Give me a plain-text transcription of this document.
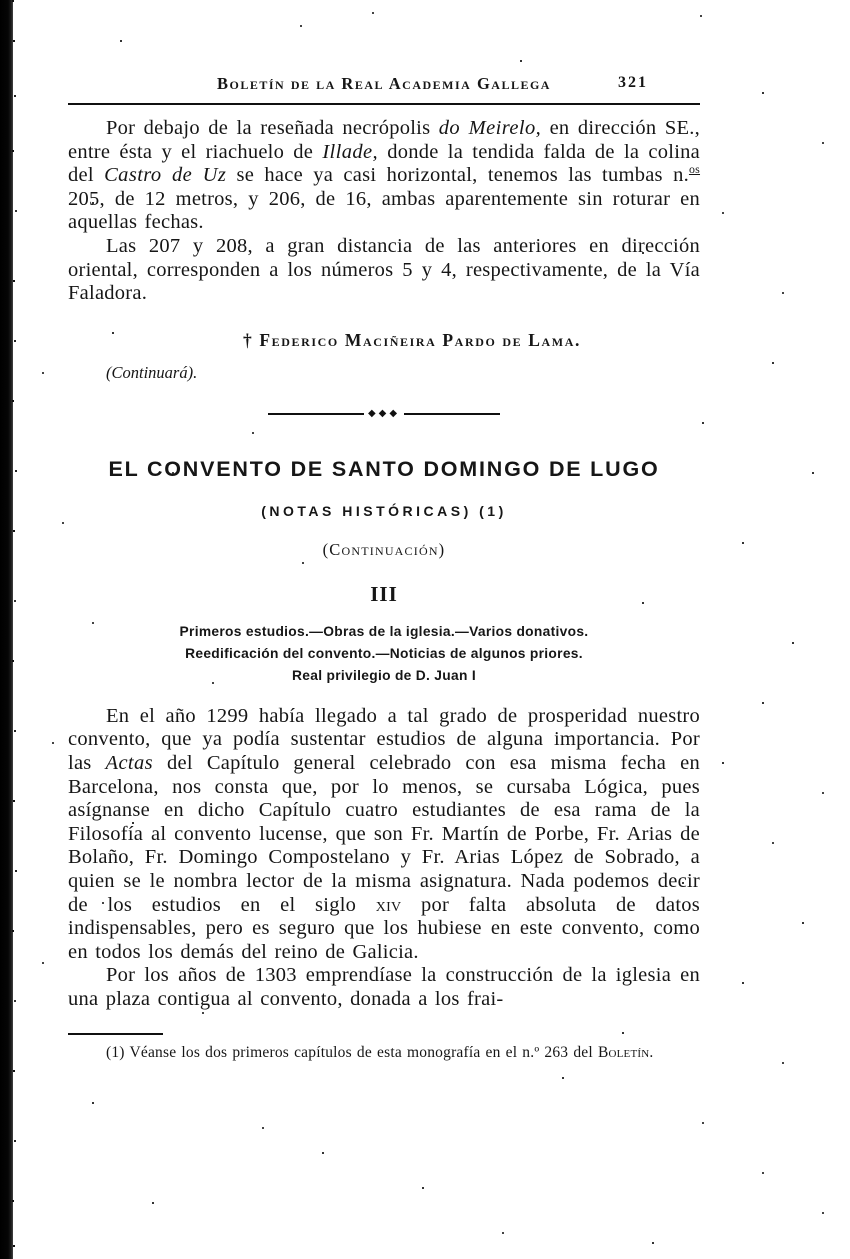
Boletín de la Real Academia Gallega	321

Por debajo de la reseñada necrópolis do Meirelo, en dirección SE., entre ésta y el riachuelo de Illade, donde la tendida falda de la colina del Castro de Uz se hace ya casi horizontal, tenemos las tumbas n.$^{os}$ 205, de 12 metros, y 206, de 16, ambas aparentemente sin roturar en aquellas fechas.

Las 207 y 208, a gran distancia de las anteriores en dirección oriental, corresponden a los números 5 y 4, respectivamente, de la Vía Faladora.

† Federico Maciñeira Pardo de Lama.

(Continuará).

◆◆◆
EL CONVENTO DE SANTO DOMINGO DE LUGO
(NOTAS HISTÓRICAS) (1)
(Continuación)
III
Primeros estudios.—Obras de la iglesia.—Varios donativos.
Reedificación del convento.—Noticias de algunos priores.
Real privilegio de D. Juan I

En el año 1299 había llegado a tal grado de prosperidad nuestro convento, que ya podía sustentar estudios de alguna importancia. Por las Actas del Capítulo general celebrado con esa misma fecha en Barcelona, nos consta que, por lo menos, se cursaba Lógica, pues asígnanse en dicho Capítulo cuatro estudiantes de esa rama de la Filosofía al convento lucense, que son Fr. Martín de Porbe, Fr. Arias de Bolaño, Fr. Domingo Compostelano y Fr. Arias López de Sobrado, a quien se le nombra lector de la misma asignatura. Nada podemos decir de los estudios en el siglo xiv por falta absoluta de datos indispensables, pero es seguro que los hubiese en este convento, como en todos los demás del reino de Galicia.

Por los años de 1303 emprendíase la construcción de la iglesia en una plaza contigua al convento, donada a los frai-

(1) Véanse los dos primeros capítulos de esta monografía en el n.º 263 del Boletín.
